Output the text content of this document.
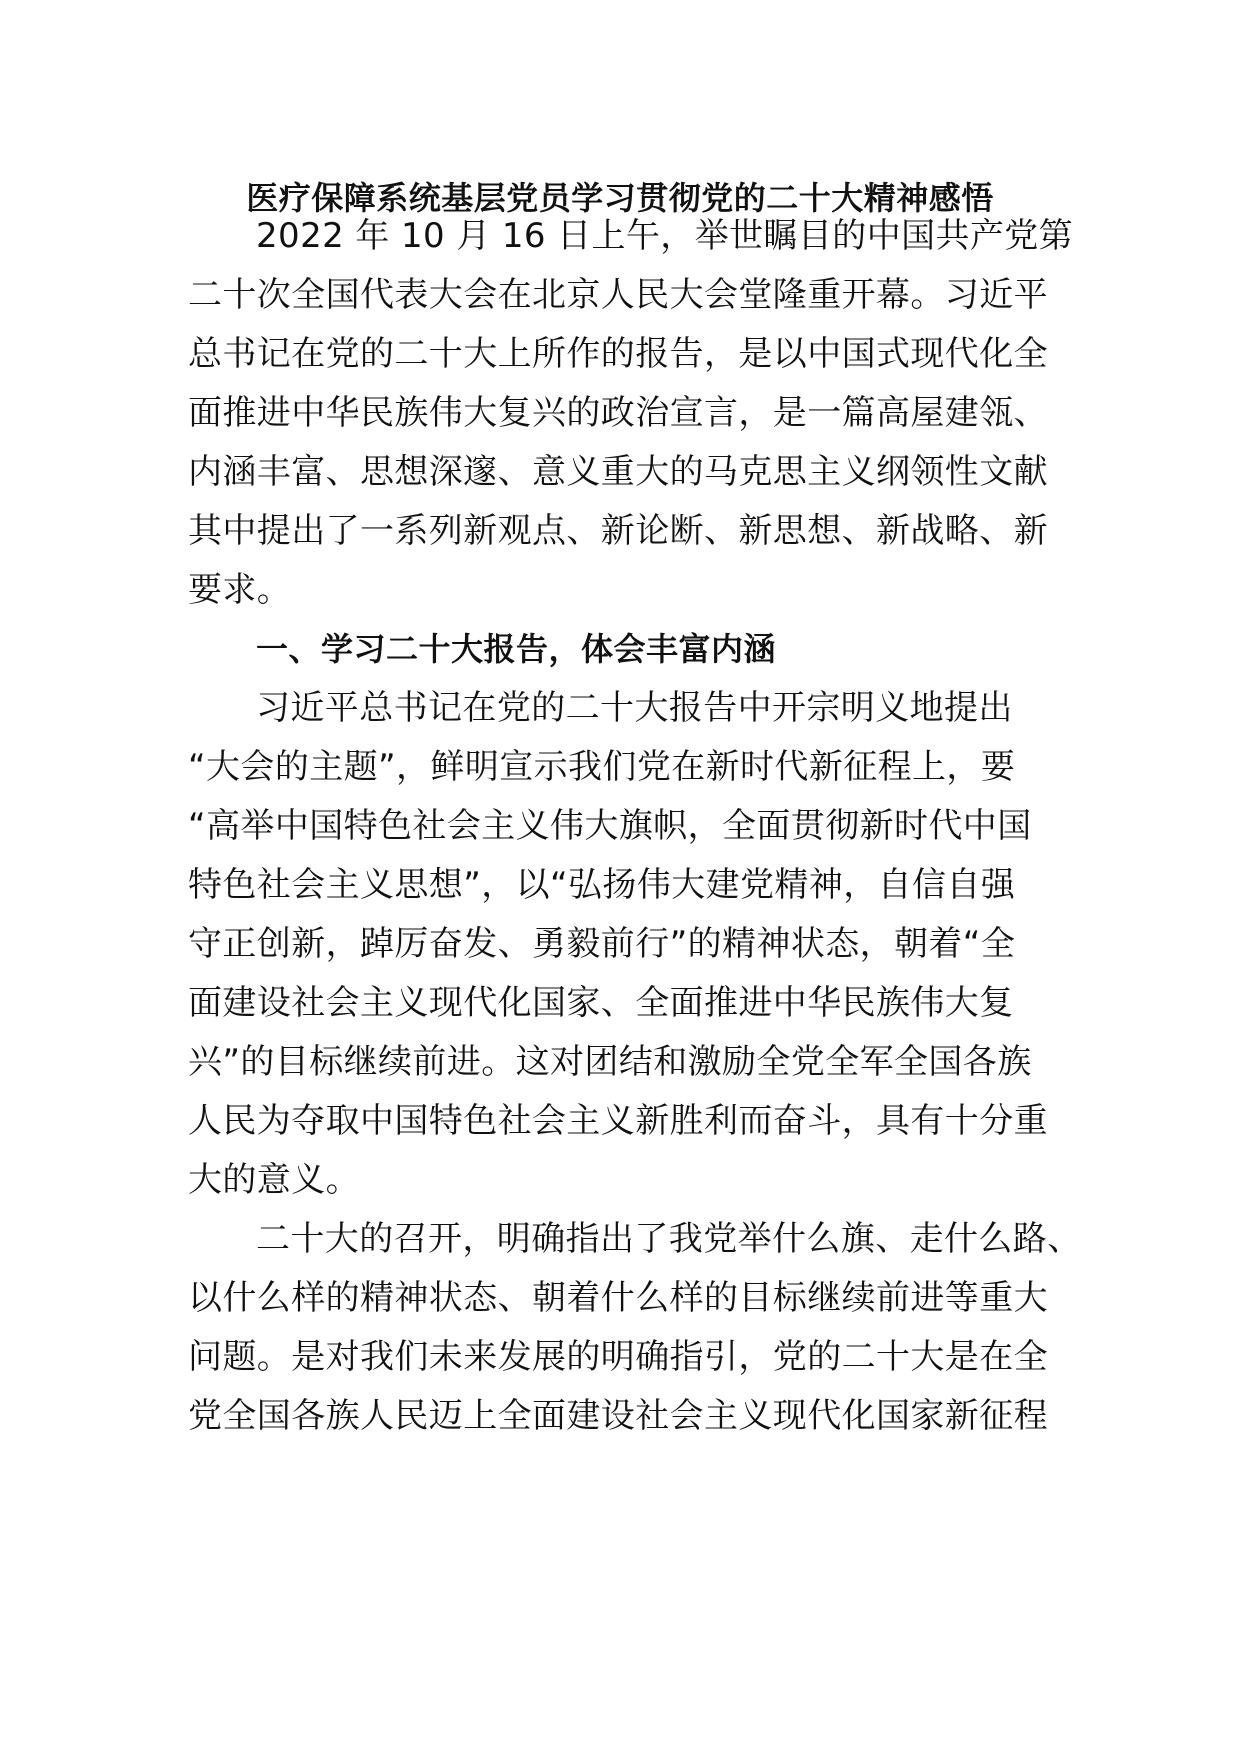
医疗保障系统基层党员学习贯彻党的二十大精神感悟
2022 年 10 月 16 日上午，举世瞩目的中国共产党第
二十次全国代表大会在北京人民大会堂隆重开幕。习近平
总书记在党的二十大上所作的报告，是以中国式现代化全
面推进中华民族伟大复兴的政治宣言，是一篇高屋建瓴、
内涵丰富、思想深邃、意义重大的马克思主义纲领性文献
其中提出了一系列新观点、新论断、新思想、新战略、新
要求。
一、学习二十大报告，体会丰富内涵
习近平总书记在党的二十大报告中开宗明义地提出
“大会的主题”，鲜明宣示我们党在新时代新征程上，要
“高举中国特色社会主义伟大旗帜，全面贯彻新时代中国
特色社会主义思想”，以“弘扬伟大建党精神，自信自强
守正创新，踔厉奋发、勇毅前行”的精神状态，朝着“全
面建设社会主义现代化国家、全面推进中华民族伟大复
兴”的目标继续前进。这对团结和激励全党全军全国各族
人民为夺取中国特色社会主义新胜利而奋斗，具有十分重
大的意义。
二十大的召开，明确指出了我党举什么旗、走什么路、
以什么样的精神状态、朝着什么样的目标继续前进等重大
问题。是对我们未来发展的明确指引，党的二十大是在全
党全国各族人民迈上全面建设社会主义现代化国家新征程
